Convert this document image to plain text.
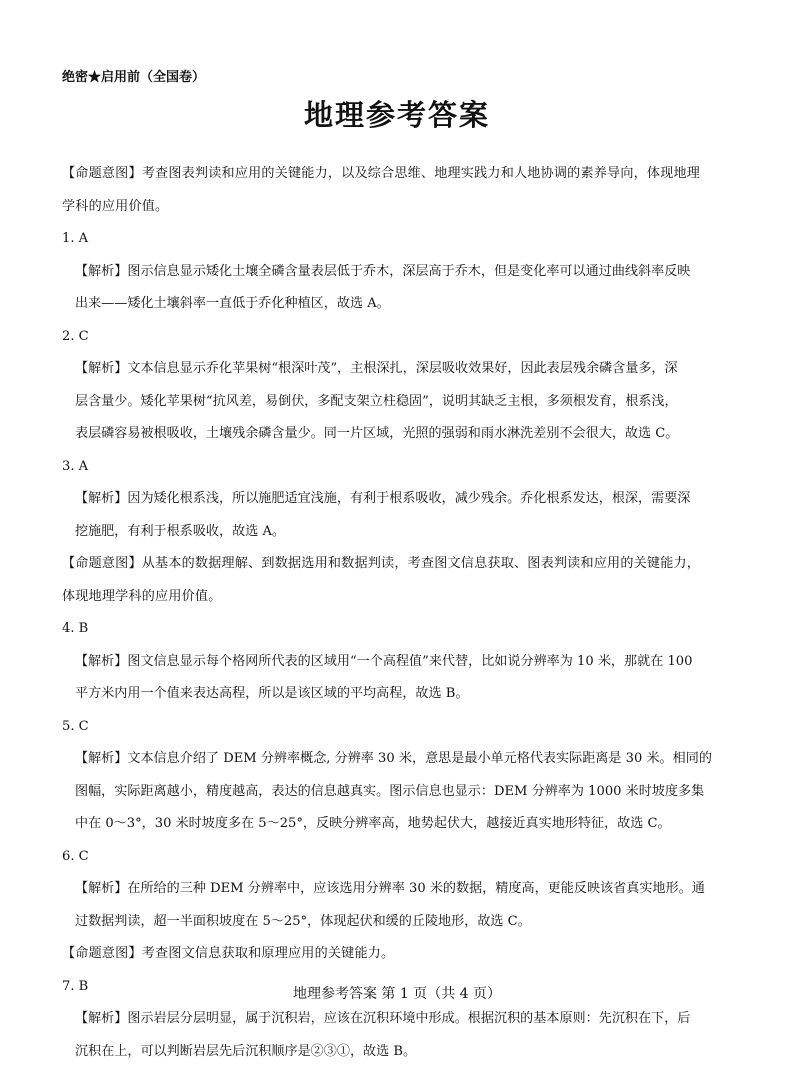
绝密★启用前（全国卷）
地理参考答案
【命题意图】考查图表判读和应用的关键能力，以及综合思维、地理实践力和人地协调的素养导向，体现地理
学科的应用价值。
1. A
【解析】图示信息显示矮化土壤全磷含量表层低于乔木，深层高于乔木，但是变化率可以通过曲线斜率反映
出来——矮化土壤斜率一直低于乔化种植区，故选 A。
2. C
【解析】文本信息显示乔化苹果树“根深叶茂”，主根深扎，深层吸收效果好，因此表层残余磷含量多，深
层含量少。矮化苹果树“抗风差，易倒伏，多配支架立柱稳固”，说明其缺乏主根，多须根发育，根系浅，
表层磷容易被根吸收，土壤残余磷含量少。同一片区域，光照的强弱和雨水淋洗差别不会很大，故选 C。
3. A
【解析】因为矮化根系浅，所以施肥适宜浅施，有利于根系吸收，减少残余。乔化根系发达，根深，需要深
挖施肥，有利于根系吸收，故选 A。
【命题意图】从基本的数据理解、到数据选用和数据判读，考查图文信息获取、图表判读和应用的关键能力，
体现地理学科的应用价值。
4. B
【解析】图文信息显示每个格网所代表的区域用“一个高程值”来代替，比如说分辨率为 10 米，那就在 100
平方米内用一个值来表达高程，所以是该区域的平均高程，故选 B。
5. C
【解析】文本信息介绍了 DEM 分辨率概念, 分辨率 30 米，意思是最小单元格代表实际距离是 30 米。相同的
图幅，实际距离越小，精度越高，表达的信息越真实。图示信息也显示：DEM 分辨率为 1000 米时坡度多集
中在 0～3°，30 米时坡度多在 5～25°，反映分辨率高，地势起伏大，越接近真实地形特征，故选 C。
6. C
【解析】在所给的三种 DEM 分辨率中，应该选用分辨率 30 米的数据，精度高，更能反映该省真实地形。通
过数据判读，超一半面积坡度在 5～25°，体现起伏和缓的丘陵地形，故选 C。
【命题意图】考查图文信息获取和原理应用的关键能力。
7. B
【解析】图示岩层分层明显，属于沉积岩，应该在沉积环境中形成。根据沉积的基本原则：先沉积在下，后
沉积在上，可以判断岩层先后沉积顺序是②③①，故选 B。
地理参考答案 第 1 页（共 4 页）
